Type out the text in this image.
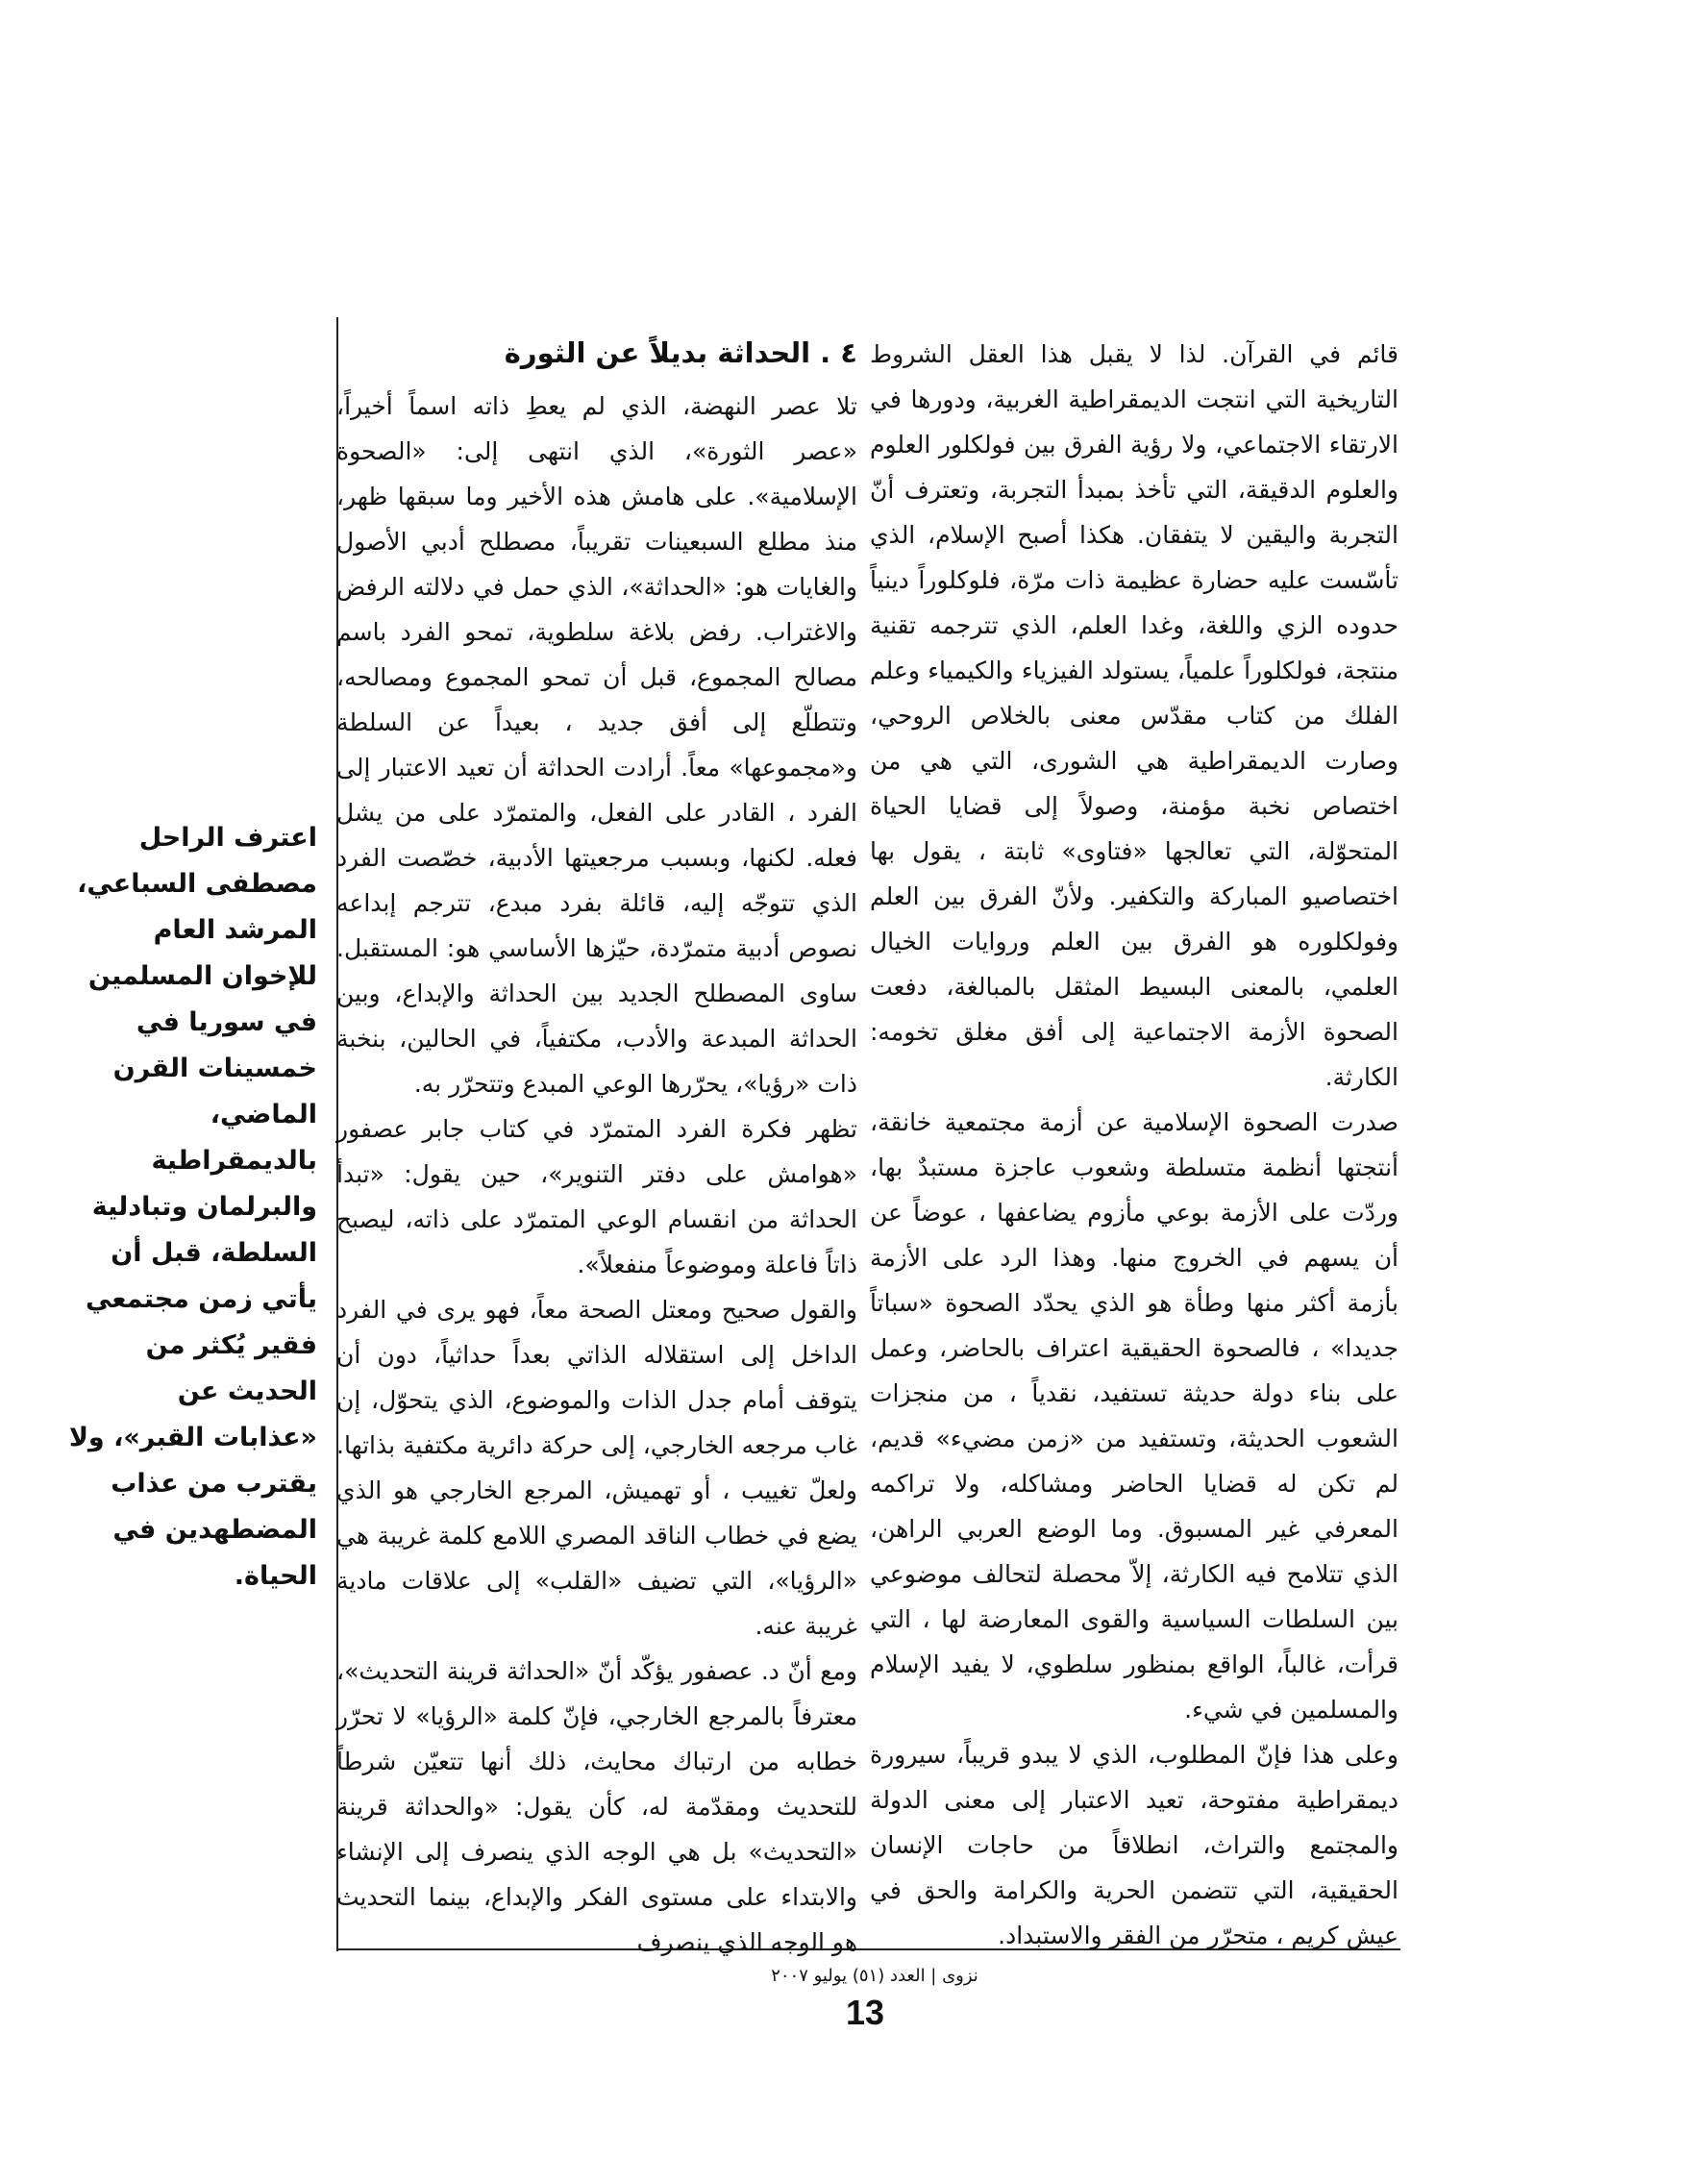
قائم في القرآن. لذا لا يقبل هذا العقل الشروط التاريخية التي انتجت الديمقراطية الغربية، ودورها في الارتقاء الاجتماعي، ولا رؤية الفرق بين فولكلور العلوم والعلوم الدقيقة، التي تأخذ بمبدأ التجربة، وتعترف أنّ التجربة واليقين لا يتفقان. هكذا أصبح الإسلام، الذي تأسّست عليه حضارة عظيمة ذات مرّة، فلوكلوراً دينياً حدوده الزي واللغة، وغدا العلم، الذي تترجمه تقنية منتجة، فولكلوراً علمياً، يستولد الفيزياء والكيمياء وعلم الفلك من كتاب مقدّس معنى بالخلاص الروحي، وصارت الديمقراطية هي الشورى، التي هي من اختصاص نخبة مؤمنة، وصولاً إلى قضايا الحياة المتحوّلة، التي تعالجها «فتاوى» ثابتة ، يقول بها اختصاصيو المباركة والتكفير. ولأنّ الفرق بين العلم وفولكلوره هو الفرق بين العلم وروايات الخيال العلمي، بالمعنى البسيط المثقل بالمبالغة، دفعت الصحوة الأزمة الاجتماعية إلى أفق مغلق تخومه: الكارثة.

صدرت الصحوة الإسلامية عن أزمة مجتمعية خانقة، أنتجتها أنظمة متسلطة وشعوب عاجزة مستبدٌ بها، وردّت على الأزمة بوعي مأزوم يضاعفها ، عوضاً عن أن يسهم في الخروج منها. وهذا الرد على الأزمة بأزمة أكثر منها وطأة هو الذي يحدّد الصحوة «سباتاً جديدا» ، فالصحوة الحقيقية اعتراف بالحاضر، وعمل على بناء دولة حديثة تستفيد، نقدياً ، من منجزات الشعوب الحديثة، وتستفيد من «زمن مضيء» قديم، لم تكن له قضايا الحاضر ومشاكله، ولا تراكمه المعرفي غير المسبوق. وما الوضع العربي الراهن، الذي تتلامح فيه الكارثة، إلاّ محصلة لتحالف موضوعي بين السلطات السياسية والقوى المعارضة لها ، التي قرأت، غالباً، الواقع بمنظور سلطوي، لا يفيد الإسلام والمسلمين في شيء.

وعلى هذا فإنّ المطلوب، الذي لا يبدو قريباً، سيرورة ديمقراطية مفتوحة، تعيد الاعتبار إلى معنى الدولة والمجتمع والتراث، انطلاقاً من حاجات الإنسان الحقيقية، التي تتضمن الحرية والكرامة والحق في عيش كريم ، متحرّر من الفقر والاستبداد.

٤ . الحداثة بديلاً عن الثورة

تلا عصر النهضة، الذي لم يعطِ ذاته اسماً أخيراً، «عصر الثورة»، الذي انتهى إلى: «الصحوة الإسلامية». على هامش هذه الأخير وما سبقها ظهر، منذ مطلع السبعينات تقريباً، مصطلح أدبي الأصول والغايات هو: «الحداثة»، الذي حمل في دلالته الرفض والاغتراب. رفض بلاغة سلطوية، تمحو الفرد باسم مصالح المجموع، قبل أن تمحو المجموع ومصالحه، وتتطلّع إلى أفق جديد ، بعيداً عن السلطة و«مجموعها» معاً. أرادت الحداثة أن تعيد الاعتبار إلى الفرد ، القادر على الفعل، والمتمرّد على من يشل فعله. لكنها، وبسبب مرجعيتها الأدبية، خصّصت الفرد الذي تتوجّه إليه، قائلة بفرد مبدع، تترجم إبداعه نصوص أدبية متمرّدة، حيّزها الأساسي هو: المستقبل. ساوى المصطلح الجديد بين الحداثة والإبداع، وبين الحداثة المبدعة والأدب، مكتفياً، في الحالين، بنخبة ذات «رؤيا»، يحرّرها الوعي المبدع وتتحرّر به.

تظهر فكرة الفرد المتمرّد في كتاب جابر عصفور «هوامش على دفتر التنوير»، حين يقول: «تبدأ الحداثة من انقسام الوعي المتمرّد على ذاته، ليصبح ذاتاً فاعلة وموضوعاً منفعلاً».

والقول صحيح ومعتل الصحة معاً، فهو يرى في الفرد الداخل إلى استقلاله الذاتي بعداً حداثياً، دون أن يتوقف أمام جدل الذات والموضوع، الذي يتحوّل، إن غاب مرجعه الخارجي، إلى حركة دائرية مكتفية بذاتها. ولعلّ تغييب ، أو تهميش، المرجع الخارجي هو الذي يضع في خطاب الناقد المصري اللامع كلمة غريبة هي «الرؤيا»، التي تضيف «القلب» إلى علاقات مادية غريبة عنه.

ومع أنّ د. عصفور يؤكّد أنّ «الحداثة قرينة التحديث»، معترفاً بالمرجع الخارجي، فإنّ كلمة «الرؤيا» لا تحرّر خطابه من ارتباك محايث، ذلك أنها تتعيّن شرطاً للتحديث ومقدّمة له، كأن يقول: «والحداثة قرينة «التحديث» بل هي الوجه الذي ينصرف إلى الإنشاء والابتداء على مستوى الفكر والإبداع، بينما التحديث هو الوجه الذي ينصرف

اعترف الراحل مصطفى السباعي، المرشد العام للإخوان المسلمين في سوريا في خمسينات القرن الماضي، بالديمقراطية والبرلمان وتبادلية السلطة، قبل أن يأتي زمن مجتمعي فقير يُكثر من الحديث عن «عذابات القبر»، ولا يقترب من عذاب المضطهدين في الحياة.
نزوى | العدد (٥١) يوليو ٢٠٠٧
13
